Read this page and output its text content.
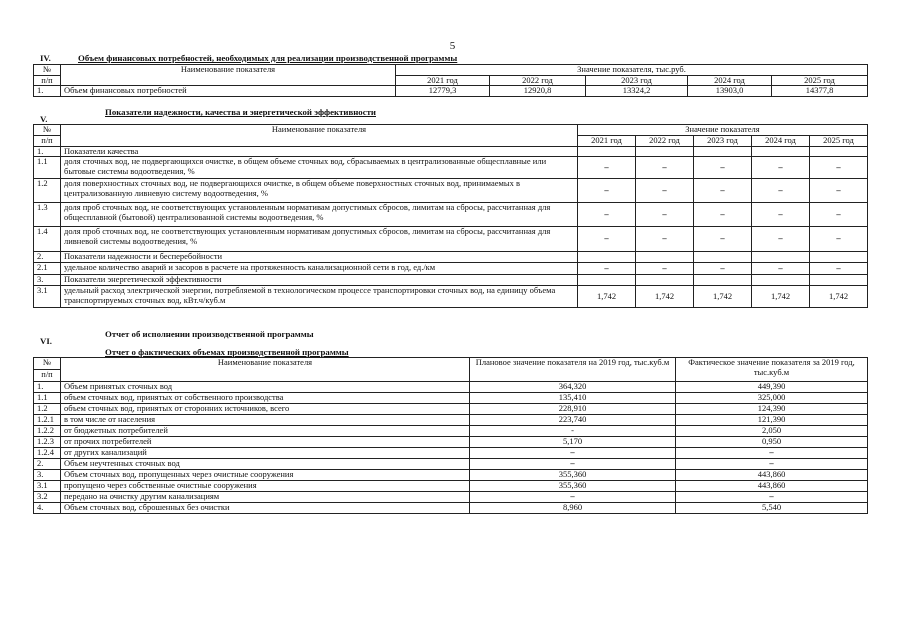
5
IV.	Объем финансовых потребностей, необходимых для реализации производственной программы
№	Наименование показателя	Значение показателя, тыс.руб.				
п/п		2021 год	2022 год	2023 год	2024 год	2025 год
1.	Объем финансовых потребностей	12779,3	12920,8	13324,2	13903,0	14377,8
V.Показатели надежности, качества и энергетической эффективности
№	Наименование показателя	Значение показателя				
п/п		2021 год	2022 год	2023 год	2024 год	2025 год
1.	Показатели качества					
1.1	доля сточных вод, не подвергающихся очистке, в общем объеме сточных вод, сбрасываемых в централизованные общесплавные или бытовые системы водоотведения, %	–	–	–	–	–
1.2	доля поверхностных сточных вод, не подвергающихся очистке, в общем объеме поверхностных сточных вод, принимаемых в централизованную ливневую систему водоотведения, %	–	–	–	–	–
1.3	доля проб сточных вод, не соответствующих установленным нормативам допустимых сбросов, лимитам на сбросы, рассчитанная для общесплавной (бытовой) централизованной системы водоотведения, %	–	–	–	–	–
1.4	доля проб сточных вод, не соответствующих установленным нормативам допустимых сбросов, лимитам на сбросы, рассчитанная для ливневой системы водоотведения, %	–	–	–	–	–
2.	Показатели надежности и бесперебойности					
2.1	удельное количество аварий и засоров в расчете на протяженность канализационной сети в год, ед./км	–	–	–	–	–
3.	Показатели энергетической эффективности					
3.1	удельный расход электрической энергии, потребляемой в технологическом процессе транспортировки сточных вод, на единицу объема транспортируемых сточных вод, кВт.ч/куб.м	1,742	1,742	1,742	1,742	1,742
VI.Отчет об исполнении производственной программы
Отчет о фактических объемах производственной программы
№	Наименование показателя	Плановое значение показателя на 2019 год, тыс.куб.м	Фактическое значение показателя за 2019 год, тыс.куб.м
п/п			
1.	Объем принятых сточных вод	364,320	449,390
1.1	объем сточных вод, принятых от собственного производства	135,410	325,000
1.2	объем сточных вод, принятых от сторонних источников, всего	228,910	124,390
1.2.1	в том числе от населения	223,740	121,390
1.2.2	от бюджетных потребителей	-	2,050
1.2.3	от прочих потребителей	5,170	0,950
1.2.4	от других канализаций	–	–
2.	Объем неучтенных сточных вод	–	–
3.	Объем сточных вод, пропущенных через очистные сооружения	355,360	443,860
3.1	пропущено через собственные очистные сооружения	355,360	443,860
3.2	передано на очистку другим канализациям	–	–
4.	Объем сточных вод, сброшенных без очистки	8,960	5,540
